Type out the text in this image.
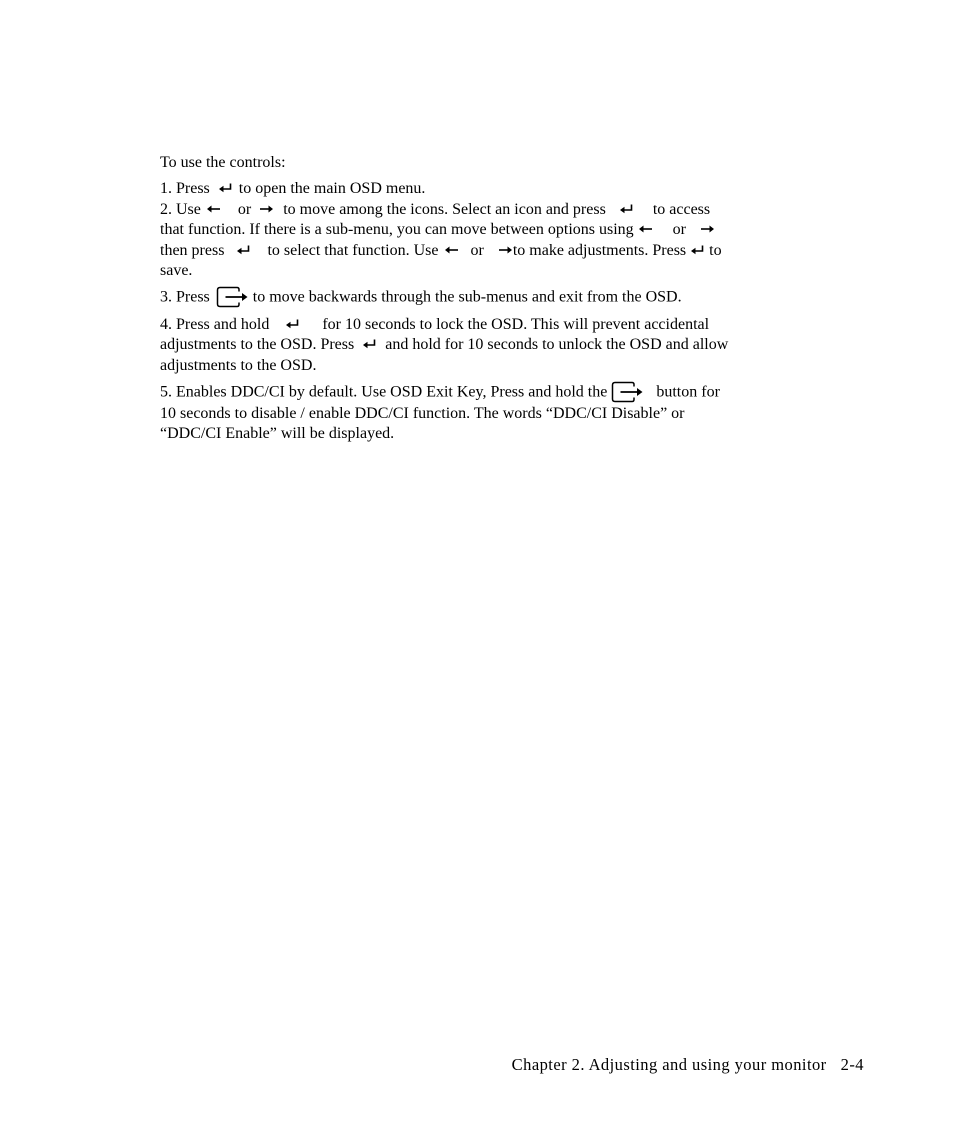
To use the controls:

1. Press to open the main OSD menu.

2. Use or to move among the icons. Select an icon and press	to access
that function. If there is a sub-menu, you can move between options using or

then press	to select that function. Use or to make adjustments. Press to
save.

3. Press	to move backwards through the sub-menus and exit from the OSD.

4. Press and hold	for 10 seconds to lock the OSD. This will prevent accidental
adjustments to the OSD. Press and hold for 10 seconds to unlock the OSD and allow
adjustments to the OSD.

5. Enables DDC/CI by default. Use OSD Exit Key, Press and hold the	button for
10 seconds to disable / enable DDC/CI function. The words “DDC/CI Disable” or
“DDC/CI Enable” will be displayed.

Chapter 2. Adjusting and using your monitor 2-4
